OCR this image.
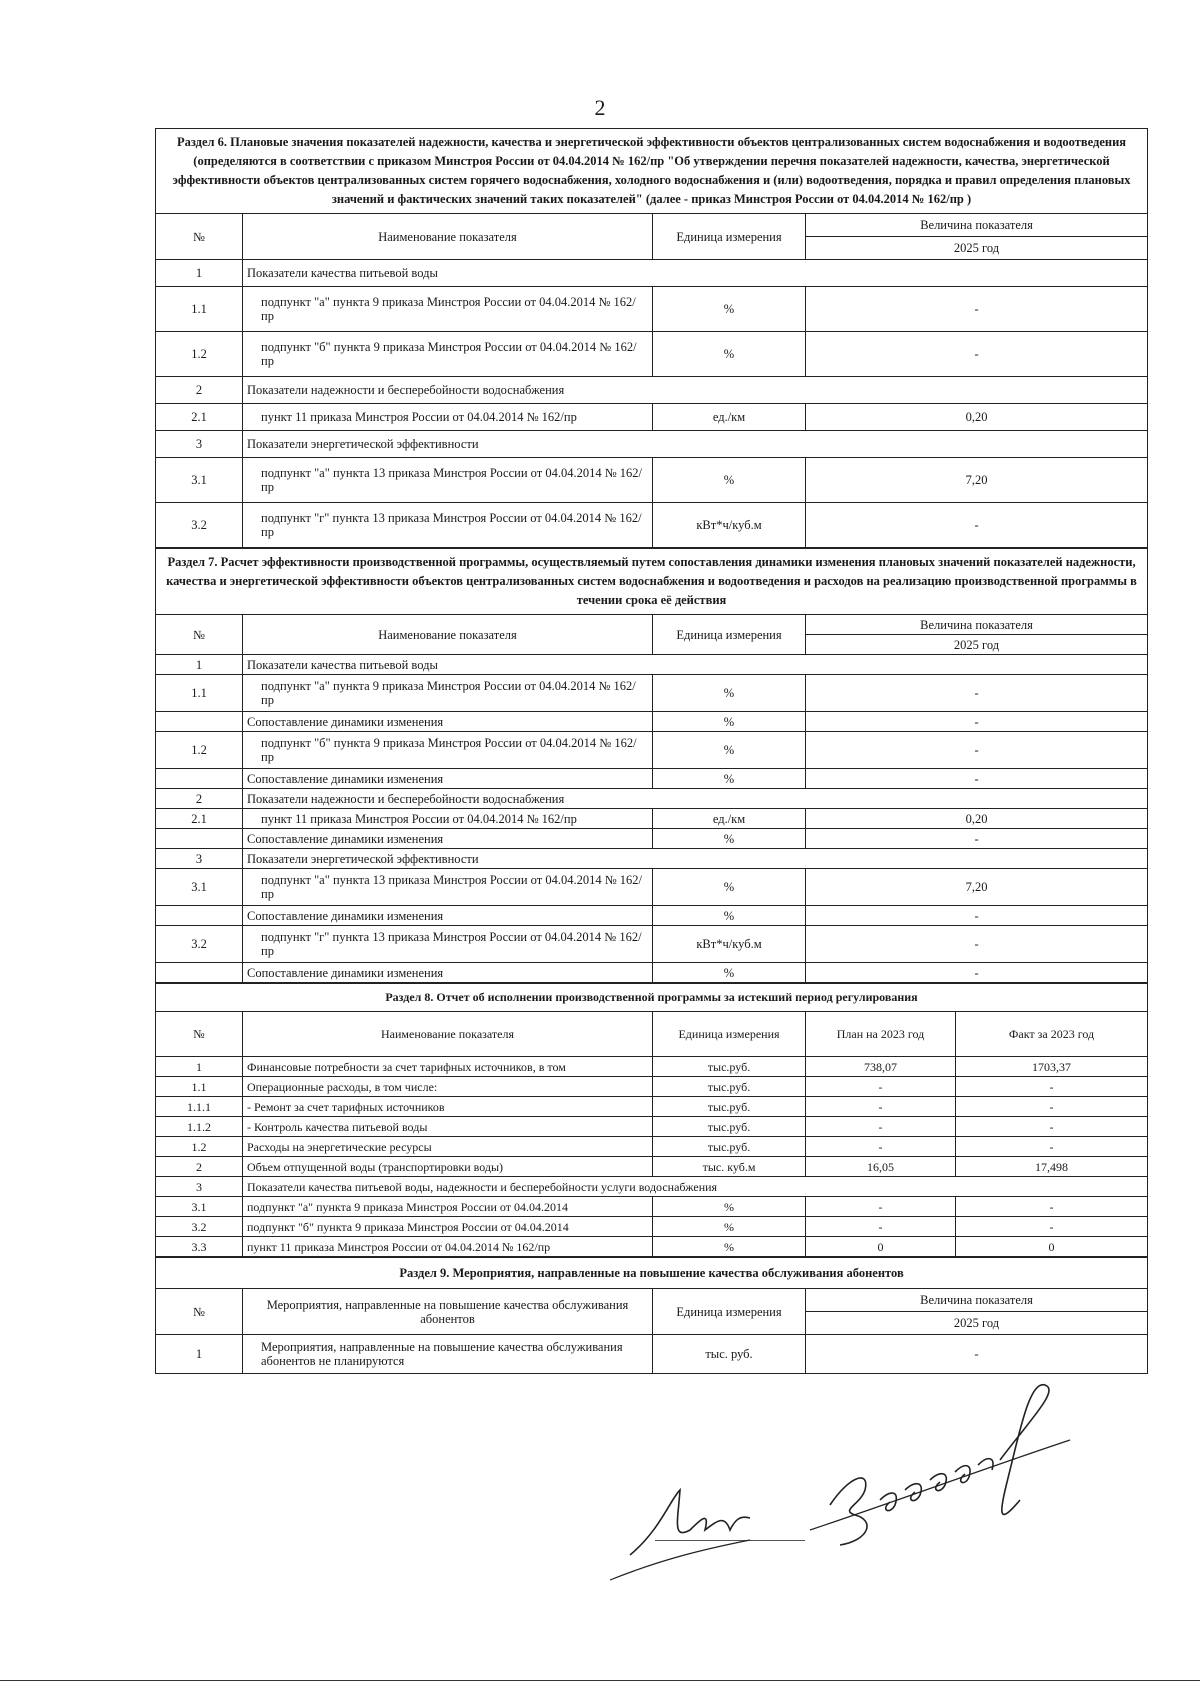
2
Раздел 6. Плановые значения показателей надежности, качества и энергетической эффективности объектов централизованных систем водоснабжения и водоотведения (определяются в соответствии с приказом Минстроя России от 04.04.2014 № 162/пр "Об утверждении перечня показателей надежности, качества, энергетической эффективности объектов централизованных систем горячего водоснабжения, холодного водоснабжения и (или) водоотведения, порядка и правил определения плановых значений и фактических значений таких показателей" (далее - приказ Минстроя России от 04.04.2014 № 162/пр )			
№	Наименование показателя	Единица измерения	Величина показателя
			2025 год
1	Показатели качества питьевой воды		
1.1	подпункт "а" пункта 9 приказа Минстроя России от 04.04.2014 № 162/пр	%	-
1.2	подпункт "б" пункта 9 приказа Минстроя России от 04.04.2014 № 162/пр	%	-
2	Показатели надежности и бесперебойности водоснабжения		
2.1	пункт 11 приказа Минстроя России от 04.04.2014 № 162/пр	ед./км	0,20
3	Показатели энергетической эффективности		
3.1	подпункт "а" пункта 13 приказа Минстроя России от 04.04.2014 № 162/пр	%	7,20
3.2	подпункт "г" пункта 13 приказа Минстроя России от 04.04.2014 № 162/пр	кВт*ч/куб.м	-
Раздел 7. Расчет эффективности производственной программы, осуществляемый путем сопоставления динамики изменения плановых значений показателей надежности, качества и энергетической эффективности объектов централизованных систем водоснабжения и водоотведения и расходов на реализацию производственной программы в течении срока её действия			
№	Наименование показателя	Единица измерения	Величина показателя
			2025 год
1	Показатели качества питьевой воды		
1.1	подпункт "а" пункта 9 приказа Минстроя России от 04.04.2014 № 162/пр	%	-
	Сопоставление динамики изменения	%	-
1.2	подпункт "б" пункта 9 приказа Минстроя России от 04.04.2014 № 162/пр	%	-
	Сопоставление динамики изменения	%	-
2	Показатели надежности и бесперебойности водоснабжения		
2.1	пункт 11 приказа Минстроя России от 04.04.2014 № 162/пр	ед./км	0,20
	Сопоставление динамики изменения	%	-
3	Показатели энергетической эффективности		
3.1	подпункт "а" пункта 13 приказа Минстроя России от 04.04.2014 № 162/пр	%	7,20
	Сопоставление динамики изменения	%	-
3.2	подпункт "г" пункта 13 приказа Минстроя России от 04.04.2014 № 162/пр	кВт*ч/куб.м	-
	Сопоставление динамики изменения	%	-
Раздел 8. Отчет об исполнении производственной программы за истекший период регулирования				
№	Наименование показателя	Единица измерения	План на 2023 год	Факт за 2023 год
1	Финансовые потребности за счет тарифных источников, в том	тыс.руб.	738,07	1703,37
1.1	Операционные расходы, в том числе:	тыс.руб.	-	-
1.1.1	- Ремонт за счет тарифных источников	тыс.руб.	-	-
1.1.2	- Контроль качества питьевой воды	тыс.руб.	-	-
1.2	Расходы на энергетические ресурсы	тыс.руб.	-	-
2	Объем отпущенной воды (транспортировки воды)	тыс. куб.м	16,05	17,498
3	Показатели качества питьевой воды, надежности и бесперебойности услуги водоснабжения			
3.1	подпункт "а" пункта 9 приказа Минстроя России от 04.04.2014	%	-	-
3.2	подпункт "б" пункта 9 приказа Минстроя России от 04.04.2014	%	-	-
3.3	пункт 11 приказа Минстроя России от 04.04.2014 № 162/пр	%	0	0
Раздел 9. Мероприятия, направленные на повышение качества обслуживания абонентов			
№	Мероприятия, направленные на повышение качества обслуживания абонентов	Единица измерения	Величина показателя
			2025 год
1	Мероприятия, направленные на повышение качества обслуживания абонентов не планируются	тыс. руб.	-
